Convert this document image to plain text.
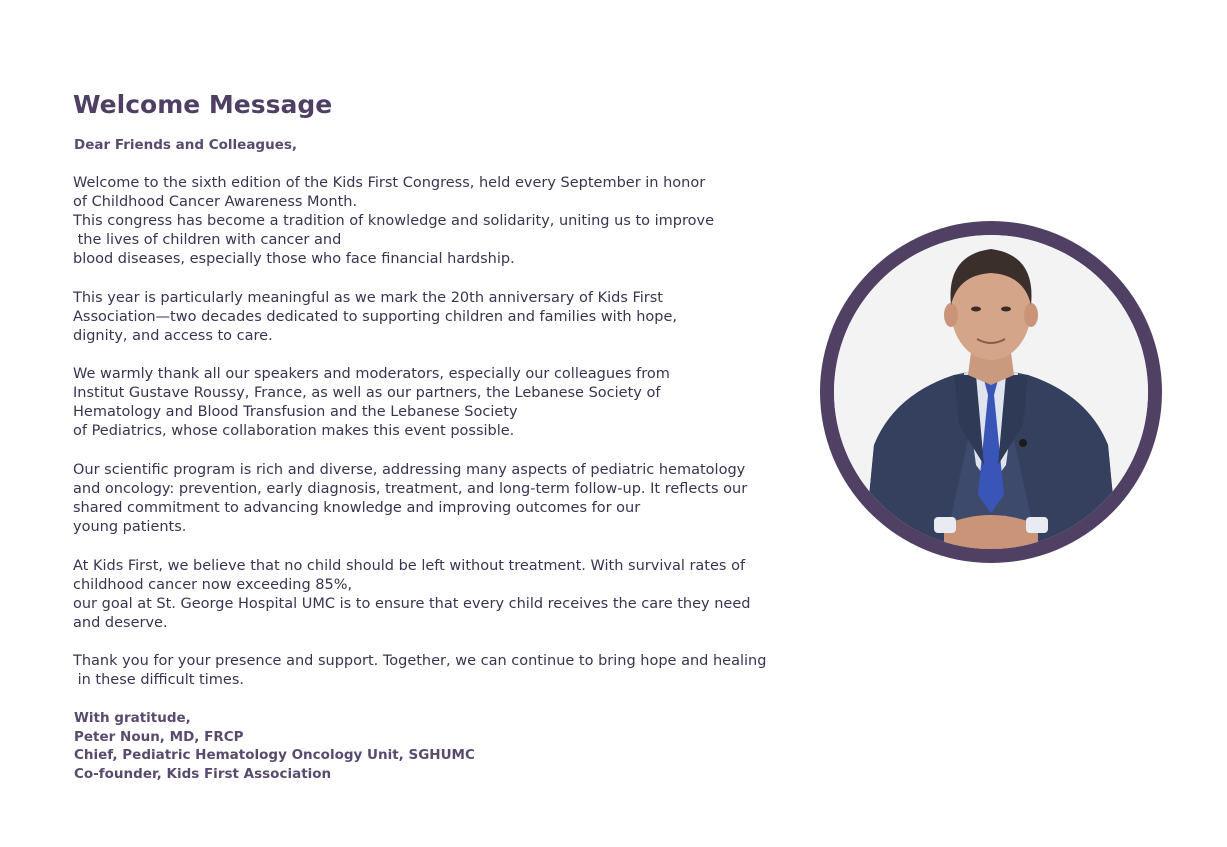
Welcome Message
Dear Friends and Colleagues,
Welcome to the sixth edition of the Kids First Congress, held every September in honor
of Childhood Cancer Awareness Month.
This congress has become a tradition of knowledge and solidarity, uniting us to improve
the lives of children with cancer and
blood diseases, especially those who face financial hardship.
This year is particularly meaningful as we mark the 20th anniversary of Kids First
Association—two decades dedicated to supporting children and families with hope,
dignity, and access to care.
We warmly thank all our speakers and moderators, especially our colleagues from
Institut Gustave Roussy, France, as well as our partners, the Lebanese Society of
Hematology and Blood Transfusion and the Lebanese Society
of Pediatrics, whose collaboration makes this event possible.
Our scientific program is rich and diverse, addressing many aspects of pediatric hematology
and oncology: prevention, early diagnosis, treatment, and long-term follow-up. It reflects our
shared commitment to advancing knowledge and improving outcomes for our
young patients.
At Kids First, we believe that no child should be left without treatment. With survival rates of
childhood cancer now exceeding 85%,
our goal at St. George Hospital UMC is to ensure that every child receives the care they need
and deserve.
Thank you for your presence and support. Together, we can continue to bring hope and healing
in these difficult times.
With gratitude,
Peter Noun, MD, FRCP
Chief, Pediatric Hematology Oncology Unit, SGHUMC
Co-founder, Kids First Association
